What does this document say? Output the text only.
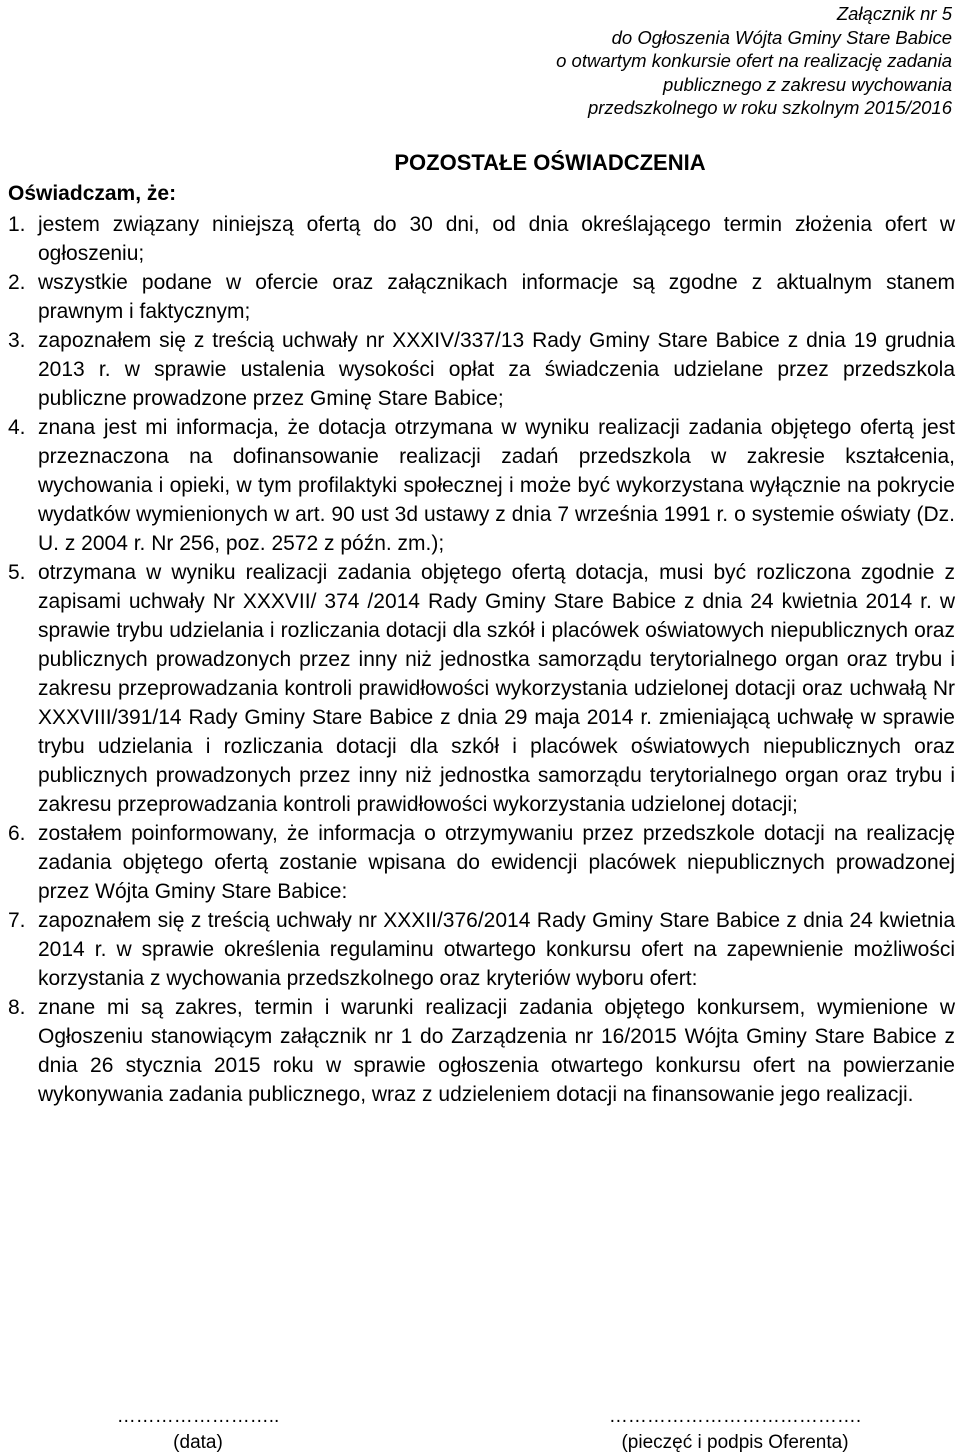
Załącznik nr 5
do Ogłoszenia Wójta Gminy Stare Babice
o otwartym konkursie ofert na realizację zadania
publicznego z zakresu wychowania
przedszkolnego w roku szkolnym 2015/2016
POZOSTAŁE OŚWIADCZENIA
Oświadczam, że:

1. jestem związany niniejszą ofertą do 30 dni, od dnia określającego termin złożenia ofert w ogłoszeniu;

2. wszystkie podane w ofercie oraz załącznikach informacje są zgodne z aktualnym stanem prawnym i faktycznym;

3. zapoznałem się z treścią uchwały nr XXXIV/337/13 Rady Gminy Stare Babice z dnia 19 grudnia 2013 r. w sprawie ustalenia wysokości opłat za świadczenia udzielane przez przedszkola publiczne prowadzone przez Gminę Stare Babice;

4. znana jest mi informacja, że dotacja otrzymana w wyniku realizacji zadania objętego ofertą jest przeznaczona na dofinansowanie realizacji zadań przedszkola w zakresie kształcenia, wychowania i opieki, w tym profilaktyki społecznej i może być wykorzystana wyłącznie na pokrycie wydatków wymienionych w art. 90 ust 3d ustawy z dnia 7 września 1991 r. o systemie oświaty (Dz. U. z 2004 r. Nr 256, poz. 2572 z późn. zm.);

5. otrzymana w wyniku realizacji zadania objętego ofertą dotacja, musi być rozliczona zgodnie z zapisami uchwały Nr XXXVII/ 374 /2014 Rady Gminy Stare Babice z dnia 24 kwietnia 2014 r. w sprawie trybu udzielania i rozliczania dotacji dla szkół i placówek oświatowych niepublicznych oraz publicznych prowadzonych przez inny niż jednostka samorządu terytorialnego organ oraz trybu i zakresu przeprowadzania kontroli prawidłowości wykorzystania udzielonej dotacji oraz uchwałą Nr XXXVIII/391/14 Rady Gminy Stare Babice z dnia 29 maja 2014 r. zmieniającą uchwałę w sprawie trybu udzielania i rozliczania dotacji dla szkół i placówek oświatowych niepublicznych oraz publicznych prowadzonych przez inny niż jednostka samorządu terytorialnego organ oraz trybu i zakresu przeprowadzania kontroli prawidłowości wykorzystania udzielonej dotacji;

6. zostałem poinformowany, że informacja o otrzymywaniu przez przedszkole dotacji na realizację zadania objętego ofertą zostanie wpisana do ewidencji placówek niepublicznych prowadzonej przez Wójta Gminy Stare Babice:

7. zapoznałem się z treścią uchwały nr XXXII/376/2014 Rady Gminy Stare Babice z dnia 24 kwietnia 2014 r. w sprawie określenia regulaminu otwartego konkursu ofert na zapewnienie możliwości korzystania z wychowania przedszkolnego oraz kryteriów wyboru ofert:

8. znane mi są zakres, termin i warunki realizacji zadania objętego konkursem, wymienione w Ogłoszeniu stanowiącym załącznik nr 1 do Zarządzenia nr 16/2015 Wójta Gminy Stare Babice z dnia 26 stycznia 2015 roku w sprawie ogłoszenia otwartego konkursu ofert na powierzanie wykonywania zadania publicznego, wraz z udzieleniem dotacji na finansowanie jego realizacji.

……………………..
(data)
………………………………….
(pieczęć i podpis Oferenta)
